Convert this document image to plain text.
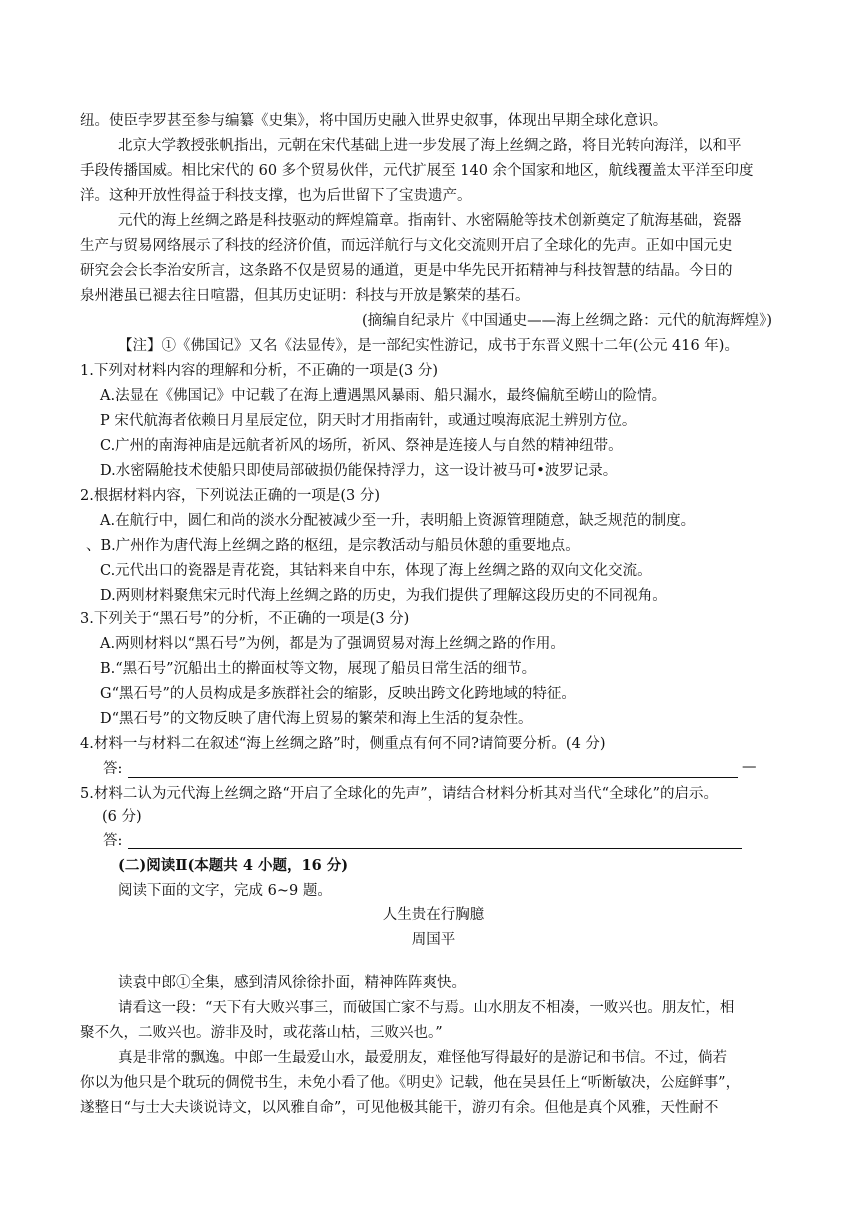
纽。使臣孛罗甚至参与编纂《史集》，将中国历史融入世界史叙事，体现出早期全球化意识。
北京大学教授张帆指出，元朝在宋代基础上进一步发展了海上丝绸之路，将目光转向海洋，以和平
手段传播国威。相比宋代的 60 多个贸易伙伴，元代扩展至 140 余个国家和地区，航线覆盖太平洋至印度
洋。这种开放性得益于科技支撑，也为后世留下了宝贵遗产。
元代的海上丝绸之路是科技驱动的辉煌篇章。指南针、水密隔舱等技术创新奠定了航海基础，瓷器
生产与贸易网络展示了科技的经济价值，而远洋航行与文化交流则开启了全球化的先声。正如中国元史
研究会会长李治安所言，这条路不仅是贸易的通道，更是中华先民开拓精神与科技智慧的结晶。今日的
泉州港虽已褪去往日喧嚣，但其历史证明：科技与开放是繁荣的基石。
(摘编自纪录片《中国通史——海上丝绸之路：元代的航海辉煌》)
【注】①《佛国记》又名《法显传》，是一部纪实性游记，成书于东晋义熙十二年(公元 416 年)。
1.下列对材料内容的理解和分析，不正确的一项是(3 分)
A.法显在《佛国记》中记载了在海上遭遇黑风暴雨、船只漏水，最终偏航至崂山的险情。
P 宋代航海者依赖日月星辰定位，阴天时才用指南针，或通过嗅海底泥土辨别方位。
C.广州的南海神庙是远航者祈风的场所，祈风、祭神是连接人与自然的精神纽带。
D.水密隔舱技术使船只即使局部破损仍能保持浮力，这一设计被马可•波罗记录。
2.根据材料内容，下列说法正确的一项是(3 分)
A.在航行中，圆仁和尚的淡水分配被减少至一升，表明船上资源管理随意，缺乏规范的制度。
、B.广州作为唐代海上丝绸之路的枢纽，是宗教活动与船员休憩的重要地点。
C.元代出口的瓷器是青花瓷，其钴料来自中东，体现了海上丝绸之路的双向文化交流。
D.两则材料聚焦宋元时代海上丝绸之路的历史，为我们提供了理解这段历史的不同视角。
3.下列关于“黑石号”的分析，不正确的一项是(3 分)
A.两则材料以“黑石号”为例，都是为了强调贸易对海上丝绸之路的作用。
B.“黑石号”沉船出土的擀面杖等文物，展现了船员日常生活的细节。
G“黑石号”的人员构成是多族群社会的缩影，反映出跨文化跨地域的特征。
D“黑石号”的文物反映了唐代海上贸易的繁荣和海上生活的复杂性。
4.材料一与材料二在叙述“海上丝绸之路”时，侧重点有何不同?请简要分析。(4 分)
答:	—
5.材料二认为元代海上丝绸之路“开启了全球化的先声”，请结合材料分析其对当代“全球化”的启示。
(6 分)
答:
(二)阅读Ⅱ(本题共 4 小题，16 分)
阅读下面的文字，完成 6~9 题。
人生贵在行胸臆
周国平
读袁中郎①全集，感到清风徐徐扑面，精神阵阵爽快。
请看这一段：“天下有大败兴事三，而破国亡家不与焉。山水朋友不相凑，一败兴也。朋友忙，相
聚不久，二败兴也。游非及时，或花落山枯，三败兴也。”
真是非常的飘逸。中郎一生最爱山水，最爱朋友，难怪他写得最好的是游记和书信。不过，倘若
你以为他只是个耽玩的倜傥书生，未免小看了他。《明史》记载，他在吴县任上“听断敏决，公庭鲜事”，
遂整日“与士大夫谈说诗文，以风雅自命”，可见他极其能干，游刃有余。但他是真个风雅，天性耐不
